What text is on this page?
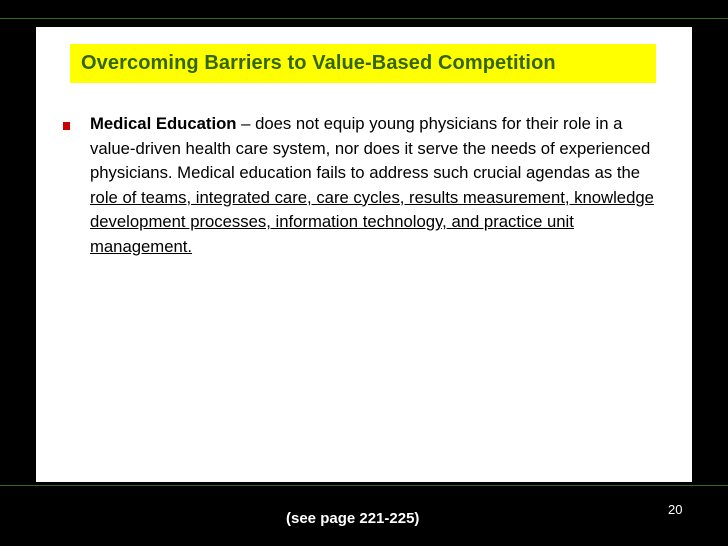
Overcoming Barriers to Value-Based Competition
Medical Education – does not equip young physicians for their role in a value-driven health care system, nor does it serve the needs of experienced physicians. Medical education fails to address such crucial agendas as the role of teams, integrated care, care cycles, results measurement, knowledge development processes, information technology, and practice unit management.
(see page 221-225)
20
